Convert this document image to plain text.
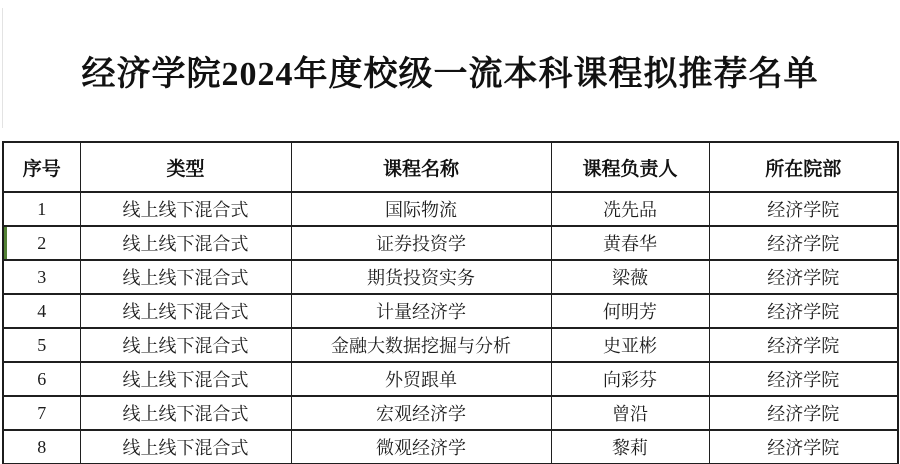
经济学院2024年度校级一流本科课程拟推荐名单
序号	类型	课程名称	课程负责人	所在院部
1	线上线下混合式	国际物流	冼先品	经济学院
2	线上线下混合式	证券投资学	黄春华	经济学院
3	线上线下混合式	期货投资实务	梁薇	经济学院
4	线上线下混合式	计量经济学	何明芳	经济学院
5	线上线下混合式	金融大数据挖掘与分析	史亚彬	经济学院
6	线上线下混合式	外贸跟单	向彩芬	经济学院
7	线上线下混合式	宏观经济学	曾沿	经济学院
8	线上线下混合式	微观经济学	黎莉	经济学院
